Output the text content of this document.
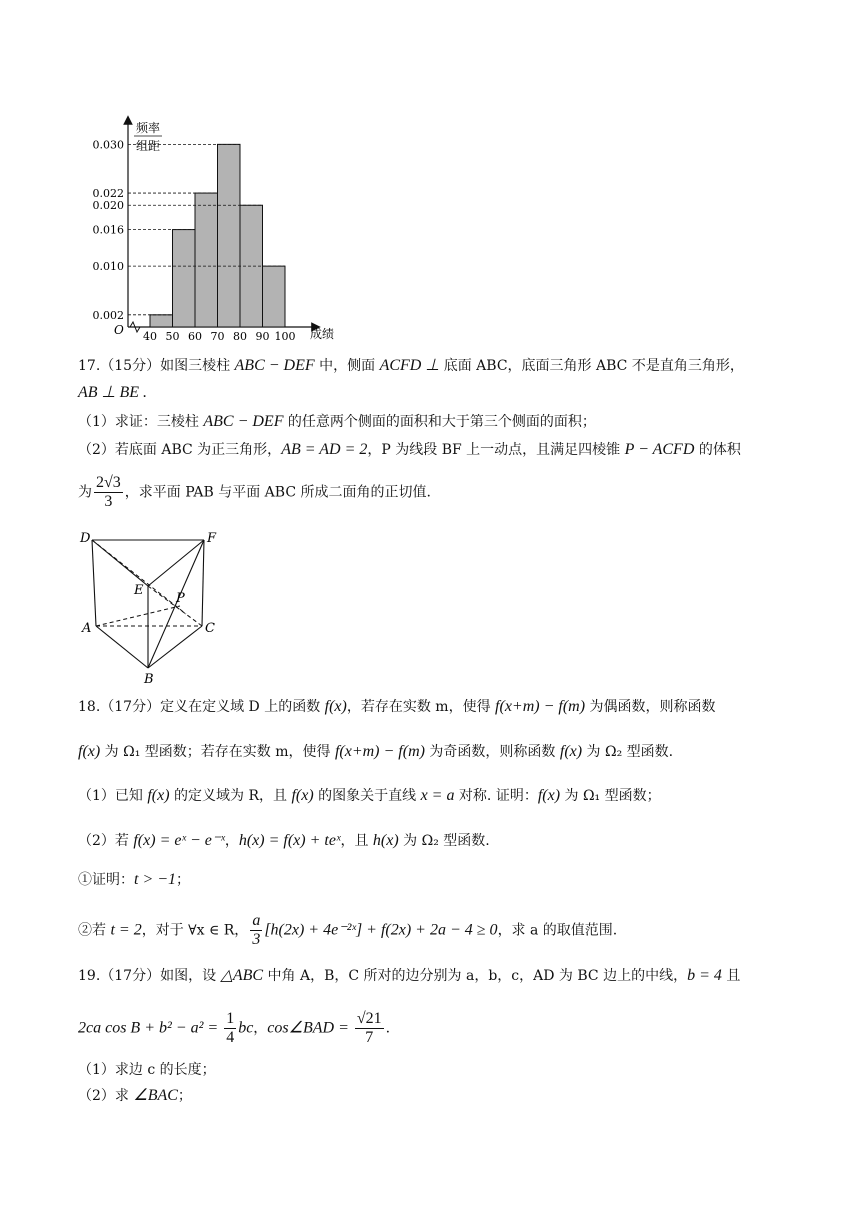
频率
组距
成绩
O
0.002
0.010
0.016
0.020
0.022
0.030
40 50 60 70 80 90 100
17.（15分）如图三棱柱 ABC − DEF 中，侧面 ACFD ⊥ 底面 ABC，底面三角形 ABC 不是直角三角形，
AB ⊥ BE .
（1）求证：三棱柱 ABC − DEF 的任意两个侧面的面积和大于第三个侧面的面积；
（2）若底面 ABC 为正三角形，AB = AD = 2，P 为线段 BF 上一动点，且满足四棱锥 P − ACFD 的体积
为 $\frac{2√3}{3}$ ，求平面 PAB 与平面 ABC 所成二面角的正切值.
D	F
E
P
A	C
B
18.（17分）定义在定义域 D 上的函数 f(x)，若存在实数 m，使得 f(x+m) − f(m) 为偶函数，则称函数
f(x) 为 Ω₁ 型函数；若存在实数 m，使得 f(x+m) − f(m) 为奇函数，则称函数 f(x) 为 Ω₂ 型函数.
（1）已知 f(x) 的定义域为 R，且 f(x) 的图象关于直线 x = a 对称. 证明：f(x) 为 Ω₁ 型函数；
（2）若 f(x) = eˣ − e⁻ˣ，h(x) = f(x) + teˣ，且 h(x) 为 Ω₂ 型函数.
①证明：t > −1；
②若 t = 2，对于 ∀x ∈ R， $\frac{a}{3} [h(2x)$ + 4e⁻²ˣ] + f(2x) + 2a − 4 ≥ 0，求 a 的取值范围.
19.（17分）如图，设 △ABC 中角 A，B，C 所对的边分别为 a，b，c，AD 为 BC 边上的中线，b = 4 且
2ca $\cos B + b^2 - a^2 = \frac{1}{4}$ bc，cos∠BAD = $\frac{√21}{7}$ .
（1）求边 c 的长度；
（2）求 ∠BAC；
